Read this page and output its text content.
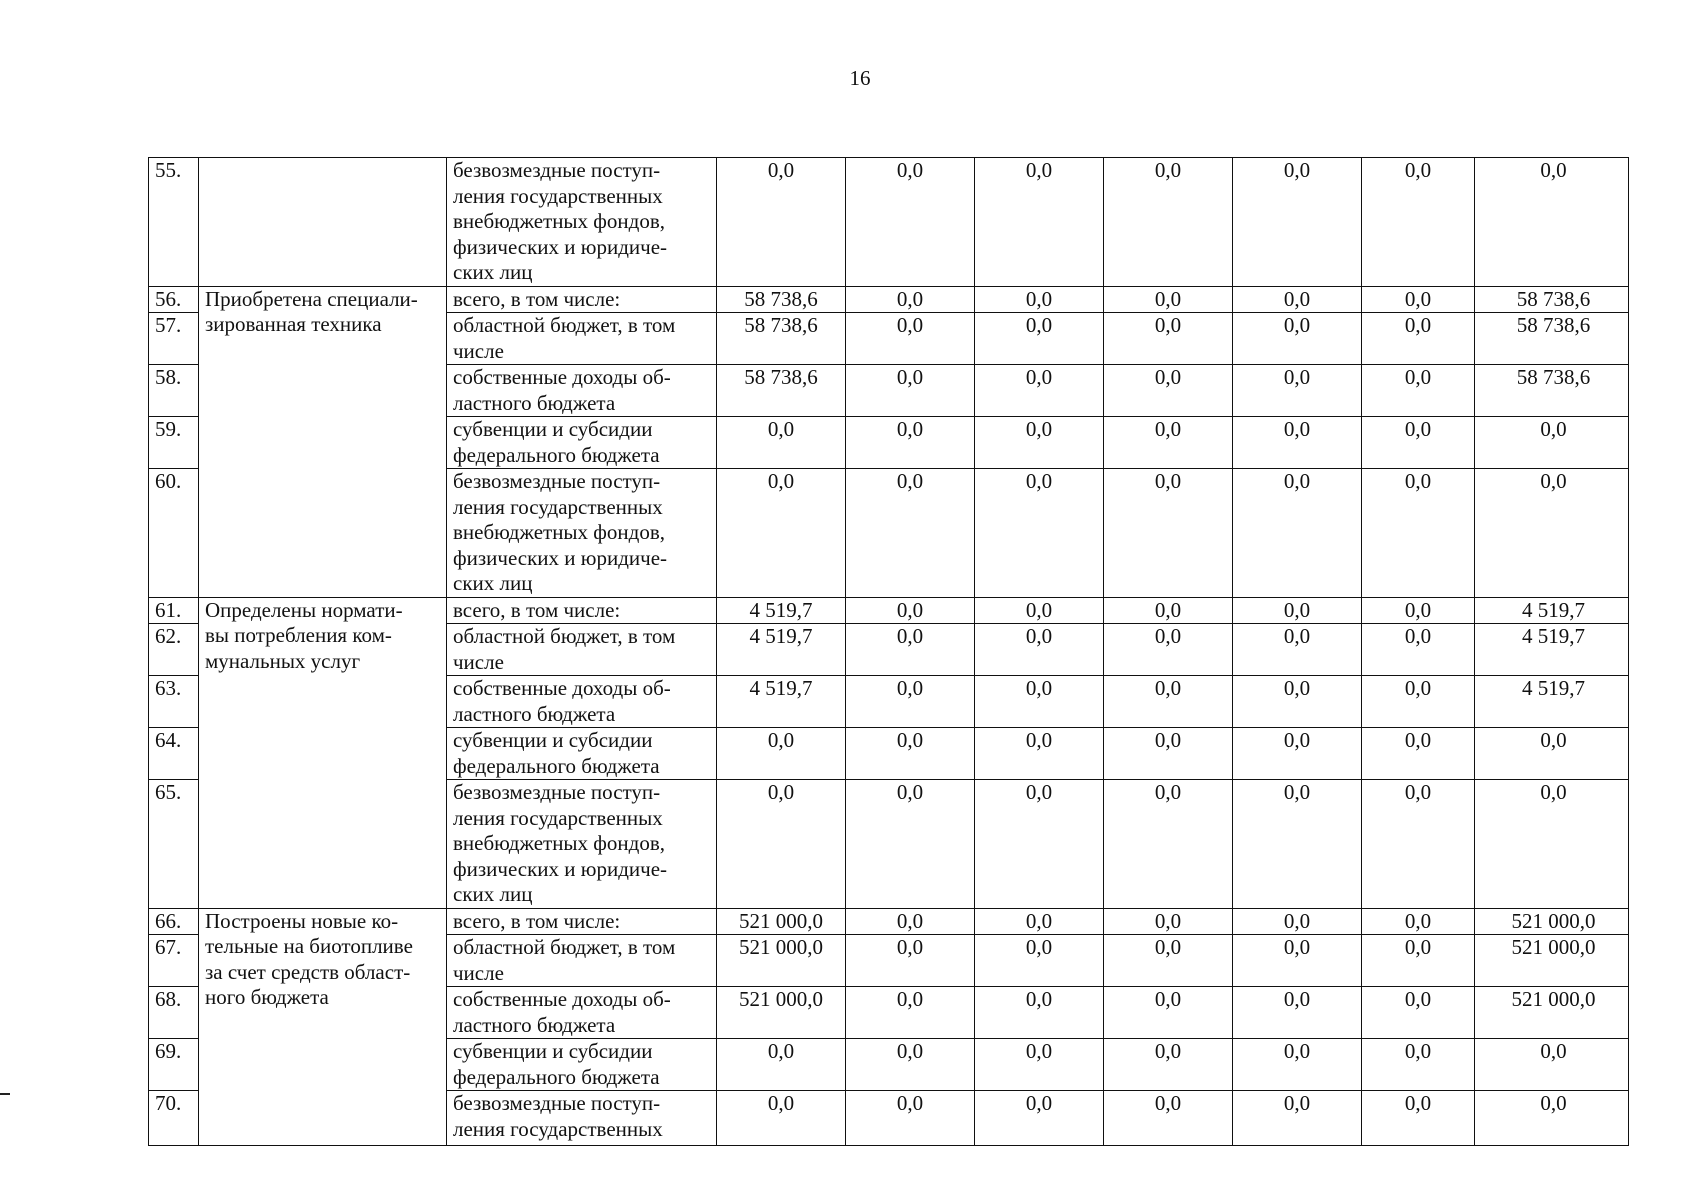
16
55.		безвозмездные поступ-
ления государственных
внебюджетных фондов,
физических и юридиче-
ских лиц	0,0	0,0	0,0	0,0	0,0	0,0	0,0
56.	Приобретена специали-
зированная техника	всего, в том числе:	58 738,6	0,0	0,0	0,0	0,0	0,0	58 738,6
57.		областной бюджет, в том
числе	58 738,6	0,0	0,0	0,0	0,0	0,0	58 738,6
58.		собственные доходы об-
ластного бюджета	58 738,6	0,0	0,0	0,0	0,0	0,0	58 738,6
59.		субвенции и субсидии
федерального бюджета	0,0	0,0	0,0	0,0	0,0	0,0	0,0
60.		безвозмездные поступ-
ления государственных
внебюджетных фондов,
физических и юридиче-
ских лиц	0,0	0,0	0,0	0,0	0,0	0,0	0,0
61.	Определены нормати-
вы потребления ком-
мунальных услуг	всего, в том числе:	4 519,7	0,0	0,0	0,0	0,0	0,0	4 519,7
62.		областной бюджет, в том
числе	4 519,7	0,0	0,0	0,0	0,0	0,0	4 519,7
63.		собственные доходы об-
ластного бюджета	4 519,7	0,0	0,0	0,0	0,0	0,0	4 519,7
64.		субвенции и субсидии
федерального бюджета	0,0	0,0	0,0	0,0	0,0	0,0	0,0
65.		безвозмездные поступ-
ления государственных
внебюджетных фондов,
физических и юридиче-
ских лиц	0,0	0,0	0,0	0,0	0,0	0,0	0,0
66.	Построены новые ко-
тельные на биотопливе
за счет средств област-
ного бюджета	всего, в том числе:	521 000,0	0,0	0,0	0,0	0,0	0,0	521 000,0
67.		областной бюджет, в том
числе	521 000,0	0,0	0,0	0,0	0,0	0,0	521 000,0
68.		собственные доходы об-
ластного бюджета	521 000,0	0,0	0,0	0,0	0,0	0,0	521 000,0
69.		субвенции и субсидии
федерального бюджета	0,0	0,0	0,0	0,0	0,0	0,0	0,0
70.		безвозмездные поступ-
ления государственных	0,0	0,0	0,0	0,0	0,0	0,0	0,0
